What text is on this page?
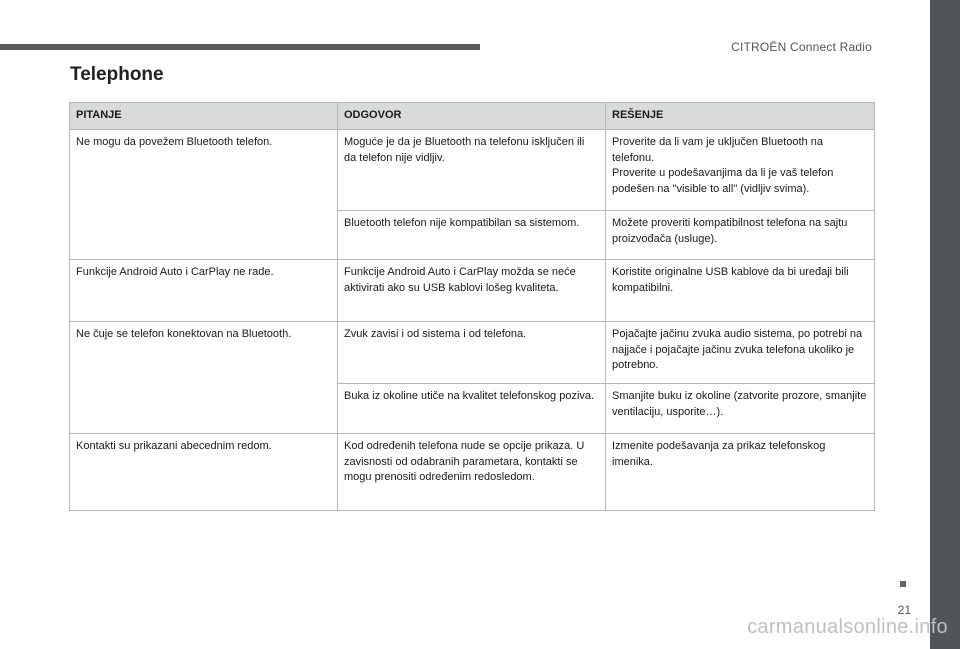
CITROËN Connect Radio
Telephone
PITANJE	ODGOVOR	REŠENJE
Ne mogu da povežem Bluetooth telefon.	Moguće je da je Bluetooth na telefonu isključen ili da telefon nije vidljiv.	Proverite da li vam je uključen Bluetooth na telefonu.
Proverite u podešavanjima da li je vaš telefon podešen na "visible to all" (vidljiv svima).
	Bluetooth telefon nije kompatibilan sa sistemom.	Možete proveriti kompatibilnost telefona na sajtu proizvođača (usluge).
Funkcije Android Auto i CarPlay ne rade.	Funkcije Android Auto i CarPlay možda se neće aktivirati ako su USB kablovi lošeg kvaliteta.	Koristite originalne USB kablove da bi uređaji bili kompatibilni.
Ne čuje se telefon konektovan na Bluetooth.	Zvuk zavisi i od sistema i od telefona.	Pojačajte jačinu zvuka audio sistema, po potrebi na najjače i pojačajte jačinu zvuka telefona ukoliko je potrebno.
	Buka iz okoline utiče na kvalitet telefonskog poziva.	Smanjite buku iz okoline (zatvorite prozore, smanjite ventilaciju, usporite…).
Kontakti su prikazani abecednim redom.	Kod određenih telefona nude se opcije prikaza. U zavisnosti od odabranih parametara, kontakti se mogu prenositi određenim redosledom.	Izmenite podešavanja za prikaz telefonskog imenika.
21
carmanualsonline.info
